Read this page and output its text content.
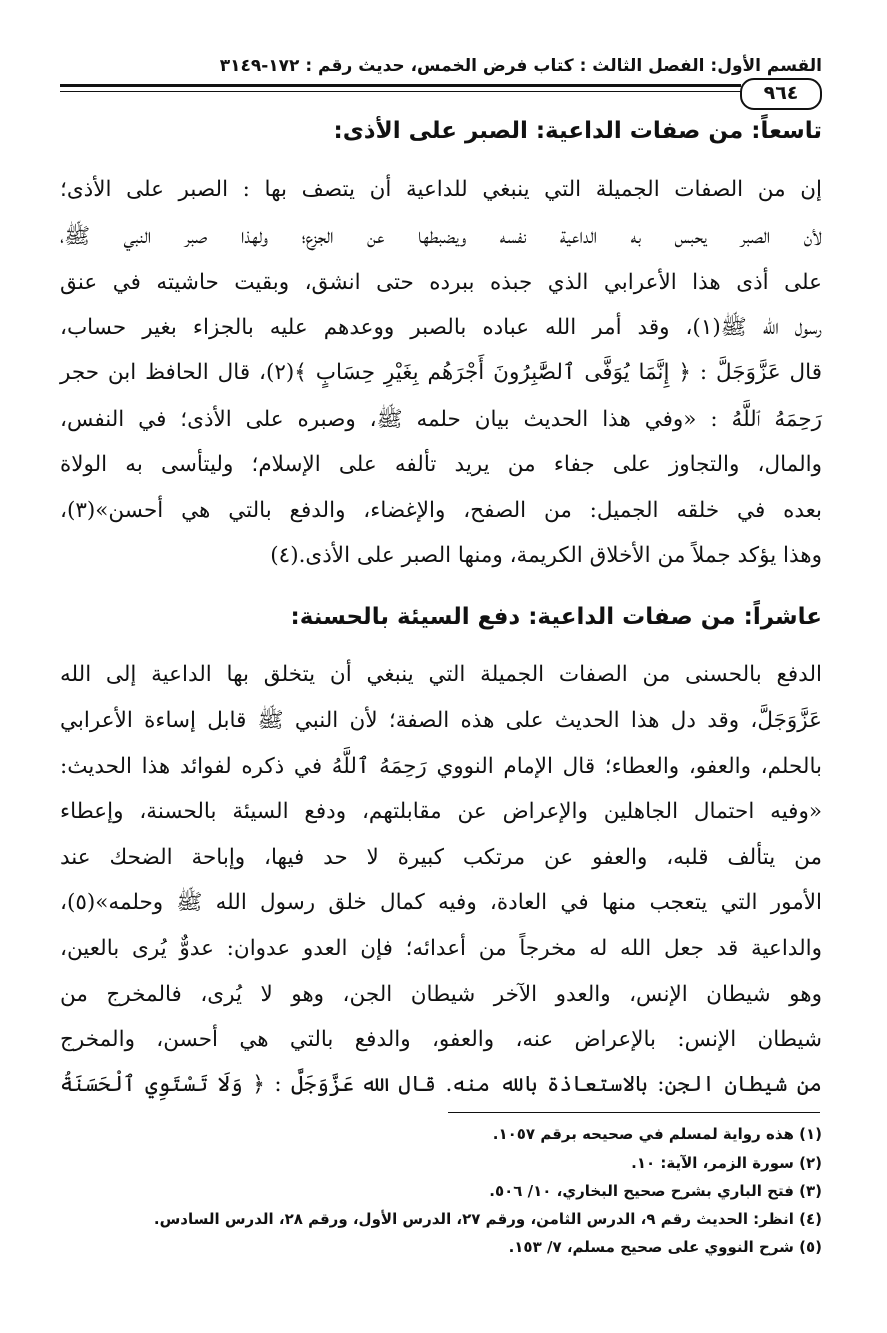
القسم الأول: الفصل الثالث : كتاب فرض الخمس، حديث رقم : ١٧٢-٣١٤٩
٩٦٤
تاسعاً: من صفات الداعية: الصبر على الأذى:
إن من الصفات الجميلة التي ينبغي للداعية أن يتصف بها : الصبر على الأذى؛
لأن الصبر يحبس به الداعية نفسه ويضبطها عن الجزع؛ ولهذا صبر النبي ﷺ،
على أذى هذا الأعرابي الذي جبذه ببرده حتى انشق، وبقيت حاشيته في عنق
رسول الله ﷺ(١)، وقد أمر الله عباده بالصبر ووعدهم عليه بالجزاء بغير حساب،
قال عَزَّوَجَلَّ : ﴿ إِنَّمَا يُوَفَّى ٱلصَّٰبِرُونَ أَجْرَهُم بِغَيْرِ حِسَابٍ ﴾(٢)، قال الحافظ ابن حجر
رَحِمَهُ ٱللَّهُ : «وفي هذا الحديث بيان حلمه ﷺ، وصبره على الأذى؛ في النفس،
والمال، والتجاوز على جفاء من يريد تألفه على الإسلام؛ وليتأسى به الولاة
بعده في خلقه الجميل: من الصفح، والإغضاء، والدفع بالتي هي أحسن»(٣)،
وهذا يؤكد جملاً من الأخلاق الكريمة، ومنها الصبر على الأذى.(٤)
عاشراً: من صفات الداعية: دفع السيئة بالحسنة:
الدفع بالحسنى من الصفات الجميلة التي ينبغي أن يتخلق بها الداعية إلى الله
عَزَّوَجَلَّ، وقد دل هذا الحديث على هذه الصفة؛ لأن النبي ﷺ قابل إساءة الأعرابي
بالحلم، والعفو، والعطاء؛ قال الإمام النووي رَحِمَهُ ٱللَّهُ في ذكره لفوائد هذا الحديث:
«وفيه احتمال الجاهلين والإعراض عن مقابلتهم، ودفع السيئة بالحسنة، وإعطاء
من يتألف قلبه، والعفو عن مرتكب كبيرة لا حد فيها، وإباحة الضحك عند
الأمور التي يتعجب منها في العادة، وفيه كمال خلق رسول الله ﷺ وحلمه»(٥)،
والداعية قد جعل الله له مخرجاً من أعدائه؛ فإن العدو عدوان: عدوٌّ يُرى بالعين،
وهو شيطان الإنس، والعدو الآخر شيطان الجن، وهو لا يُرى، فالمخرج من
شيطان الإنس: بالإعراض عنه، والعفو، والدفع بالتي هي أحسن، والمخرج
من شيطان الجن: بالاستعاذة بالله منه. قال الله عَزَّوَجَلَّ : ﴿ وَلَا تَسْتَوِي ٱلْحَسَنَةُ
(١) هذه رواية لمسلم في صحيحه برقم ١٠٥٧.
(٢) سورة الزمر، الآية: ١٠.
(٣) فتح الباري بشرح صحيح البخاري، ١٠/ ٥٠٦.
(٤) انظر: الحديث رقم ٩، الدرس الثامن، ورقم ٢٧، الدرس الأول، ورقم ٢٨، الدرس السادس.
(٥) شرح النووي على صحيح مسلم، ٧/ ١٥٣.
